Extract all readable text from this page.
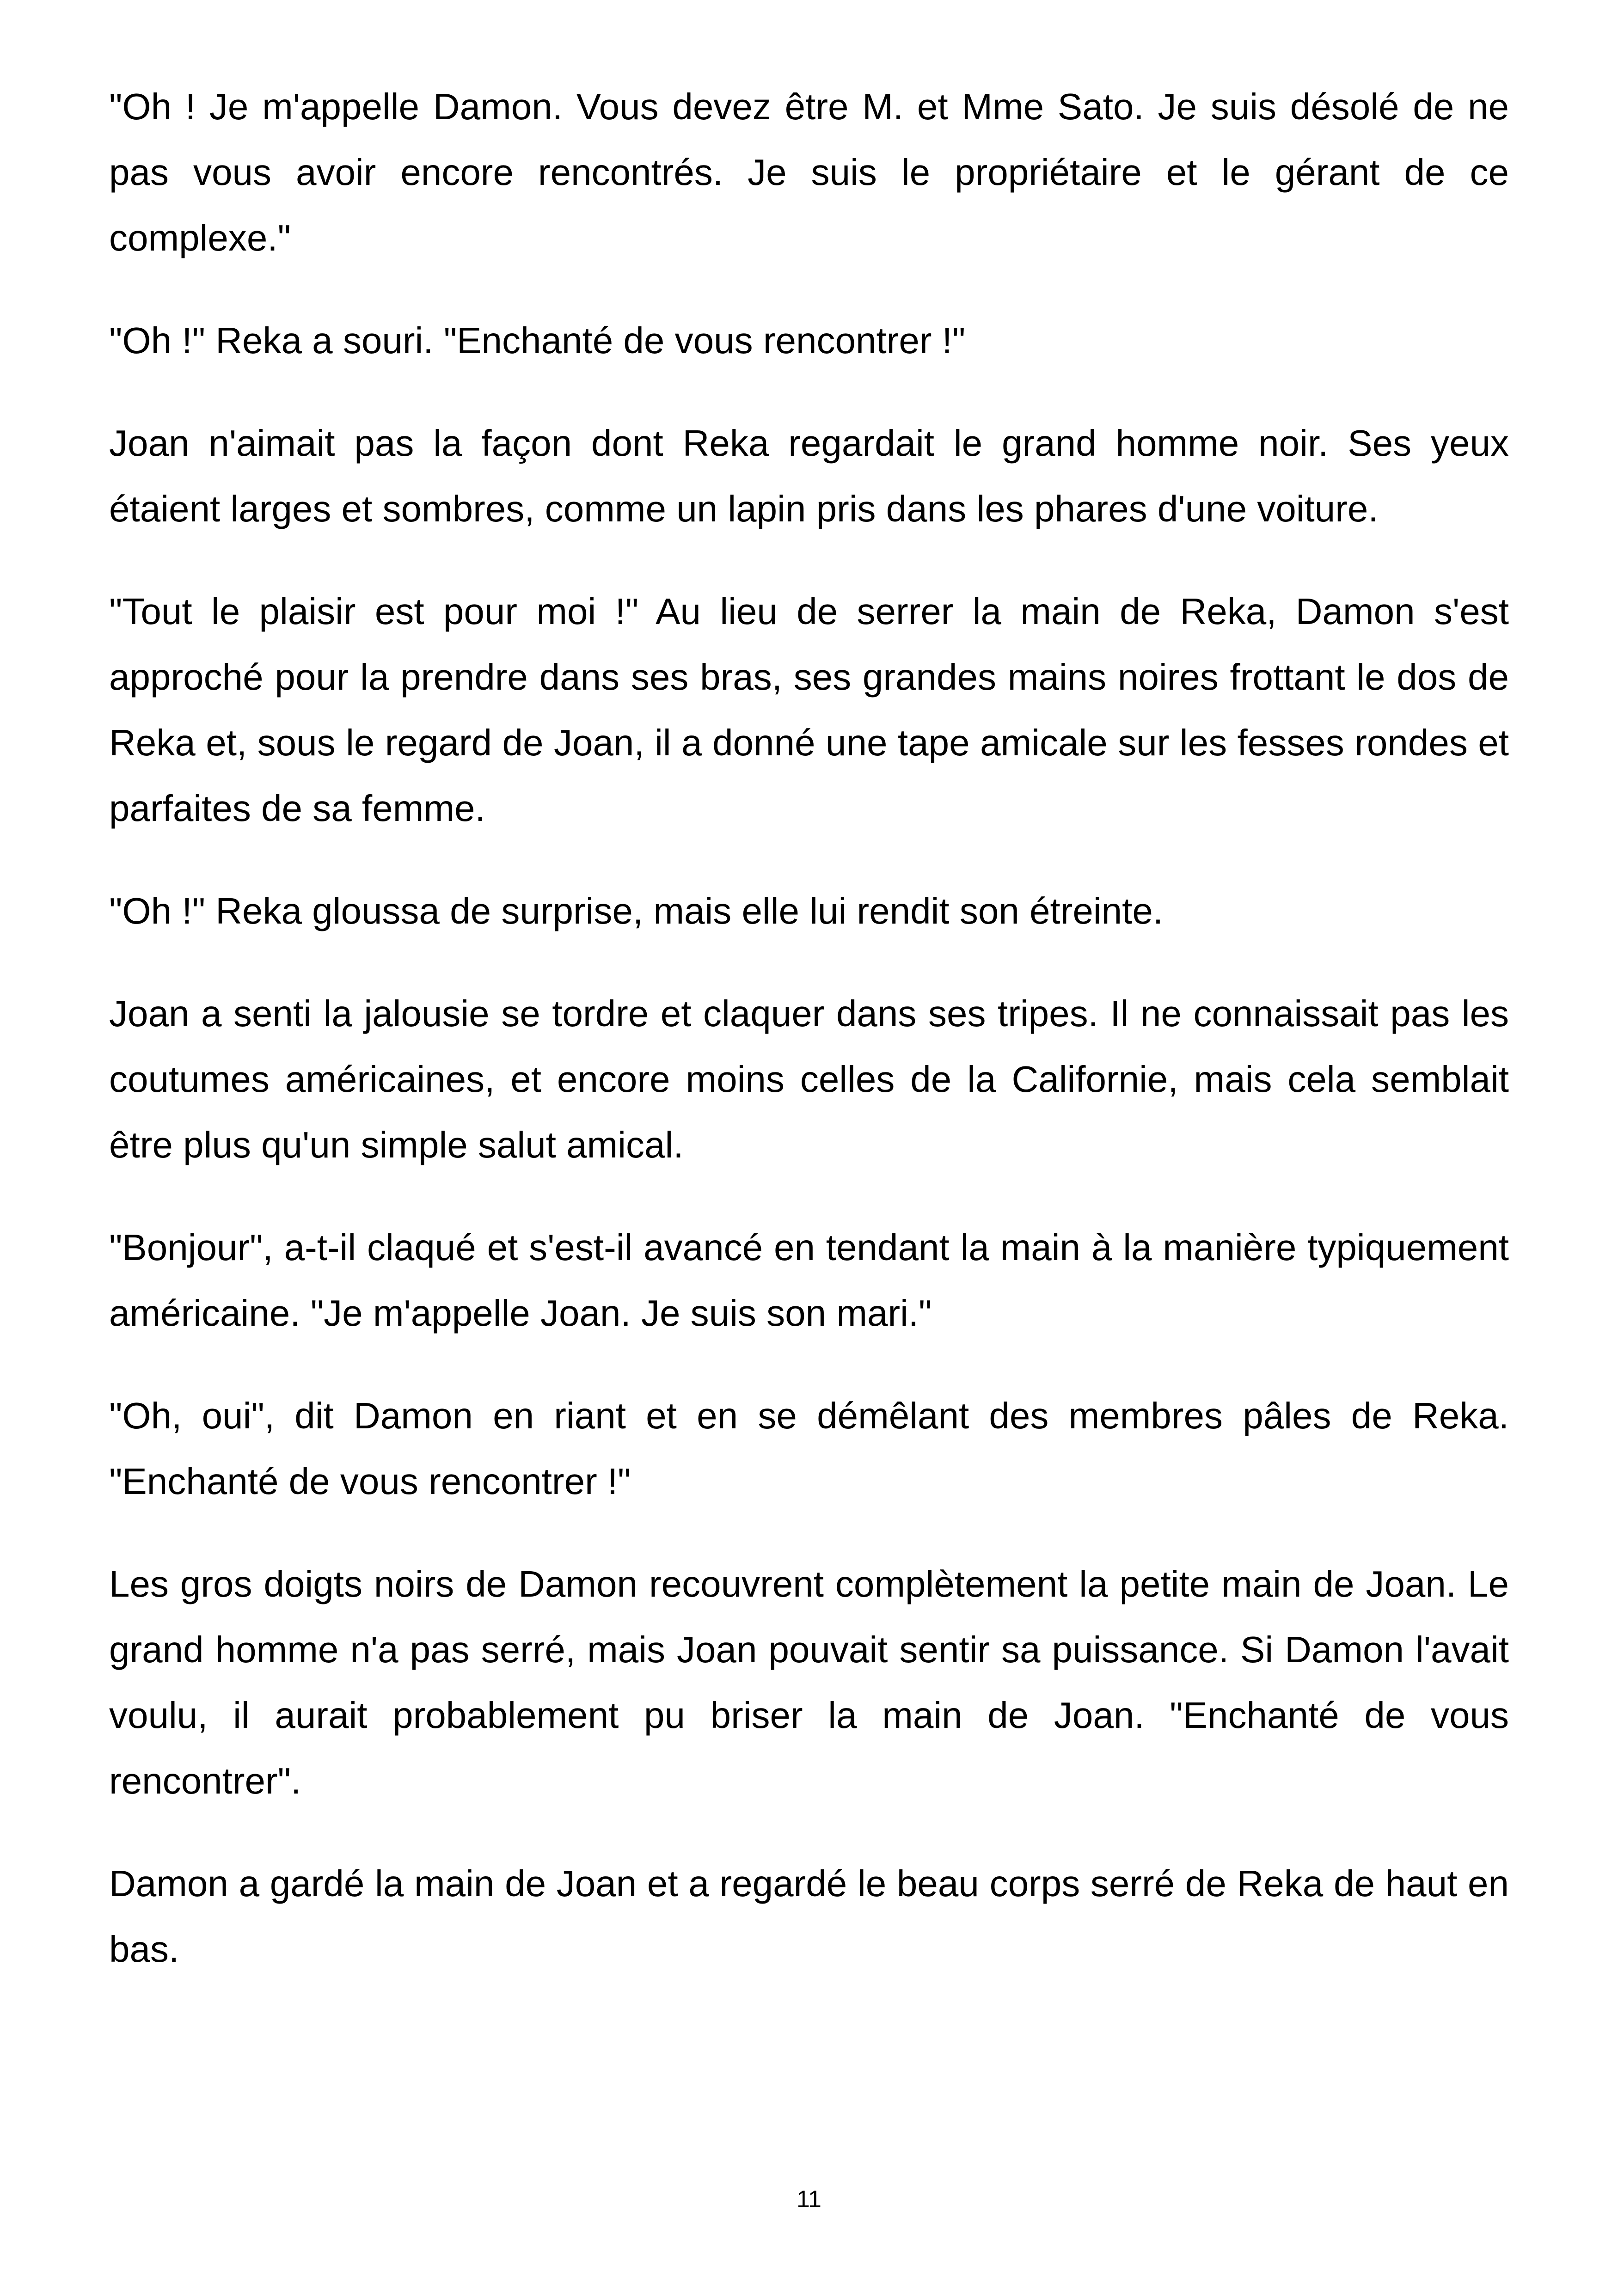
"Oh ! Je m'appelle Damon. Vous devez être M. et Mme Sato. Je suis désolé de ne pas vous avoir encore rencontrés. Je suis le propriétaire et le gérant de ce complexe."

"Oh !" Reka a souri. "Enchanté de vous rencontrer !"

Joan n'aimait pas la façon dont Reka regardait le grand homme noir. Ses yeux étaient larges et sombres, comme un lapin pris dans les phares d'une voiture.

"Tout le plaisir est pour moi !" Au lieu de serrer la main de Reka, Damon s'est approché pour la prendre dans ses bras, ses grandes mains noires frottant le dos de Reka et, sous le regard de Joan, il a donné une tape amicale sur les fesses rondes et parfaites de sa femme.

"Oh !" Reka gloussa de surprise, mais elle lui rendit son étreinte.

Joan a senti la jalousie se tordre et claquer dans ses tripes. Il ne connaissait pas les coutumes américaines, et encore moins celles de la Californie, mais cela semblait être plus qu'un simple salut amical.

"Bonjour", a-t-il claqué et s'est-il avancé en tendant la main à la manière typiquement américaine. "Je m'appelle Joan. Je suis son mari."

"Oh, oui", dit Damon en riant et en se démêlant des membres pâles de Reka. "Enchanté de vous rencontrer !"

Les gros doigts noirs de Damon recouvrent complètement la petite main de Joan. Le grand homme n'a pas serré, mais Joan pouvait sentir sa puissance. Si Damon l'avait voulu, il aurait probablement pu briser la main de Joan. "Enchanté de vous rencontrer".

Damon a gardé la main de Joan et a regardé le beau corps serré de Reka de haut en bas.

11
